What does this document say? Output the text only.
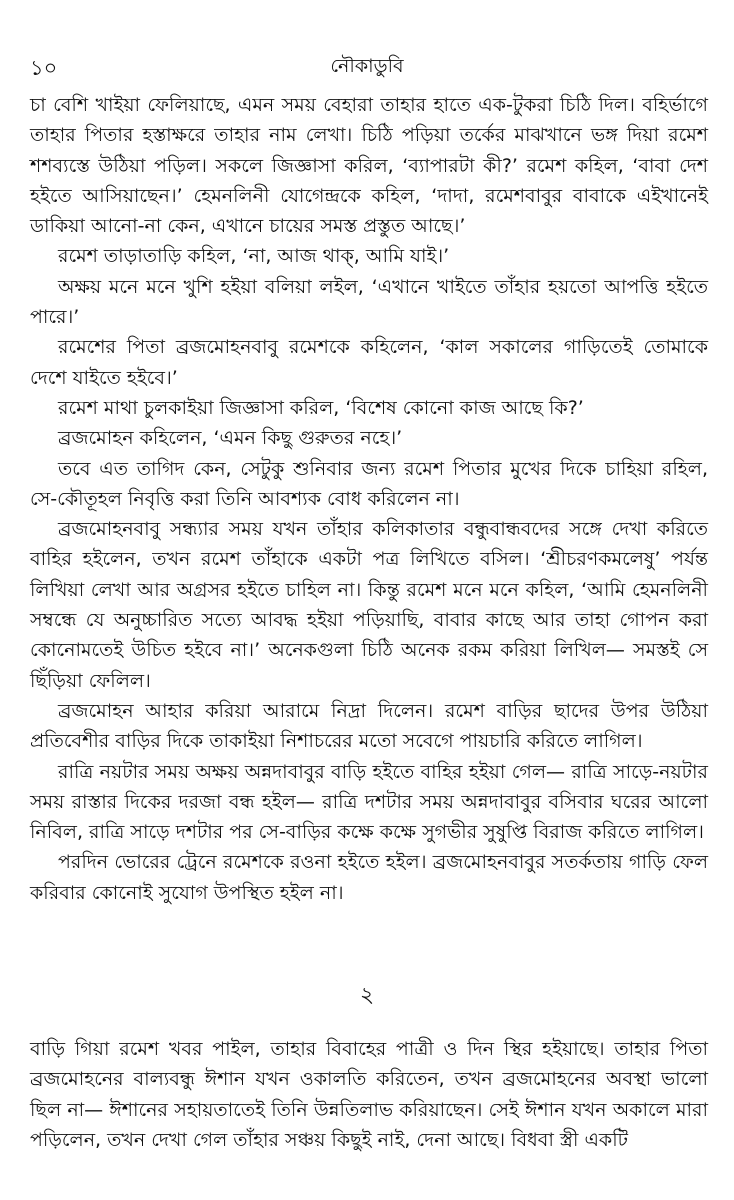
১০	নৌকাডুবি

চা বেশি খাইয়া ফেলিয়াছে, এমন সময় বেহারা তাহার হাতে এক-টুকরা চিঠি দিল। বহির্ভাগে তাহার পিতার হস্তাক্ষরে তাহার নাম লেখা। চিঠি পড়িয়া তর্কের মাঝখানে ভঙ্গ দিয়া রমেশ শশব্যস্তে উঠিয়া পড়িল। সকলে জিজ্ঞাসা করিল, ‘ব্যাপারটা কী?’ রমেশ কহিল, ‘বাবা দেশ হইতে আসিয়াছেন।’ হেমনলিনী যোগেন্দ্রকে কহিল, ‘দাদা, রমেশবাবুর বাবাকে এইখানেই ডাকিয়া আনো-না কেন, এখানে চায়ের সমস্ত প্রস্তুত আছে।’

রমেশ তাড়াতাড়ি কহিল, ‘না, আজ থাক্‌, আমি যাই।’

অক্ষয় মনে মনে খুশি হইয়া বলিয়া লইল, ‘এখানে খাইতে তাঁহার হয়তো আপত্তি হইতে পারে।’

রমেশের পিতা ব্রজমোহনবাবু রমেশকে কহিলেন, ‘কাল সকালের গাড়িতেই তোমাকে দেশে যাইতে হইবে।’

রমেশ মাথা চুলকাইয়া জিজ্ঞাসা করিল, ‘বিশেষ কোনো কাজ আছে কি?’

ব্রজমোহন কহিলেন, ‘এমন কিছু গুরুতর নহে।’

তবে এত তাগিদ কেন, সেটুকু শুনিবার জন্য রমেশ পিতার মুখের দিকে চাহিয়া রহিল, সে-কৌতূহল নিবৃত্তি করা তিনি আবশ্যক বোধ করিলেন না।

ব্রজমোহনবাবু সন্ধ্যার সময় যখন তাঁহার কলিকাতার বন্ধুবান্ধবদের সঙ্গে দেখা করিতে বাহির হইলেন, তখন রমেশ তাঁহাকে একটা পত্র লিখিতে বসিল। ‘শ্রীচরণকমলেষু’ পর্যন্ত লিখিয়া লেখা আর অগ্রসর হইতে চাহিল না। কিন্তু রমেশ মনে মনে কহিল, ‘আমি হেমনলিনী সম্বন্ধে যে অনুচ্চারিত সত্যে আবদ্ধ হইয়া পড়িয়াছি, বাবার কাছে আর তাহা গোপন করা কোনোমতেই উচিত হইবে না।’ অনেকগুলা চিঠি অনেক রকম করিয়া লিখিল— সমস্তই সে ছিঁড়িয়া ফেলিল।

ব্রজমোহন আহার করিয়া আরামে নিদ্রা দিলেন। রমেশ বাড়ির ছাদের উপর উঠিয়া প্রতিবেশীর বাড়ির দিকে তাকাইয়া নিশাচরের মতো সবেগে পায়চারি করিতে লাগিল।

রাত্রি নয়টার সময় অক্ষয় অন্নদাবাবুর বাড়ি হইতে বাহির হইয়া গেল— রাত্রি সাড়ে-নয়টার সময় রাস্তার দিকের দরজা বন্ধ হইল— রাত্রি দশটার সময় অন্নদাবাবুর বসিবার ঘরের আলো নিবিল, রাত্রি সাড়ে দশটার পর সে-বাড়ির কক্ষে কক্ষে সুগভীর সুষুপ্তি বিরাজ করিতে লাগিল।

পরদিন ভোরের ট্রেনে রমেশকে রওনা হইতে হইল। ব্রজমোহনবাবুর সতর্কতায় গাড়ি ফেল করিবার কোনোই সুযোগ উপস্থিত হইল না।

২

বাড়ি গিয়া রমেশ খবর পাইল, তাহার বিবাহের পাত্রী ও দিন স্থির হইয়াছে। তাহার পিতা ব্রজমোহনের বাল্যবন্ধু ঈশান যখন ওকালতি করিতেন, তখন ব্রজমোহনের অবস্থা ভালো ছিল না— ঈশানের সহায়তাতেই তিনি উন্নতিলাভ করিয়াছেন। সেই ঈশান যখন অকালে মারা পড়িলেন, তখন দেখা গেল তাঁহার সঞ্চয় কিছুই নাই, দেনা আছে। বিধবা স্ত্রী একটি
